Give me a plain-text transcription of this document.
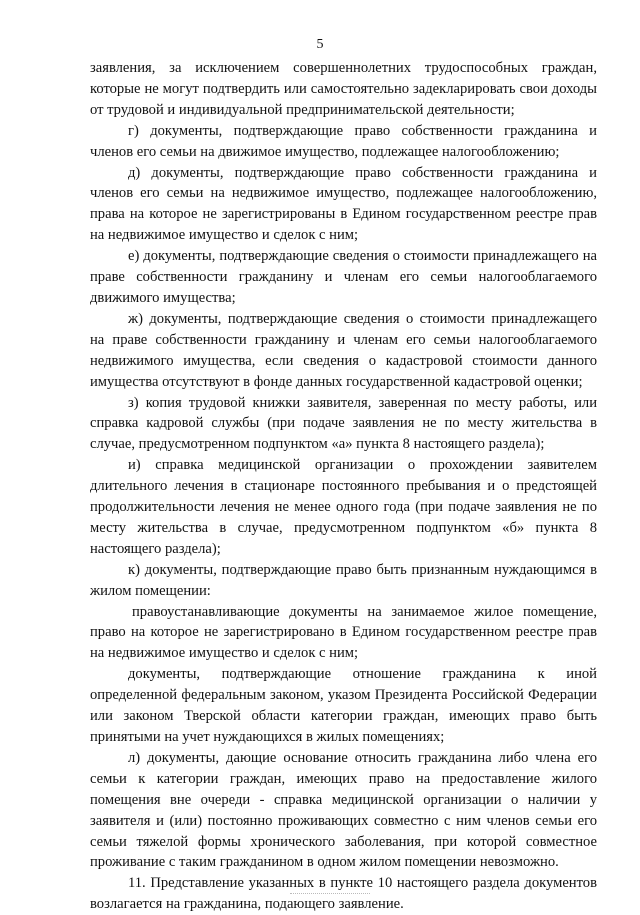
5

заявления, за исключением совершеннолетних трудоспособных граждан, которые не могут подтвердить или самостоятельно задекларировать свои доходы от трудовой и индивидуальной предпринимательской деятельности;

г) документы, подтверждающие право собственности гражданина и членов его семьи на движимое имущество, подлежащее налогообложению;

д) документы, подтверждающие право собственности гражданина и членов его семьи на недвижимое имущество, подлежащее налогообложению, права на которое не зарегистрированы в Едином государственном реестре прав на недвижимое имущество и сделок с ним;

е) документы, подтверждающие сведения о стоимости принадлежащего на праве собственности гражданину и членам его семьи налогооблагаемого движимого имущества;

ж) документы, подтверждающие сведения о стоимости принадлежащего на праве собственности гражданину и членам его семьи налогооблагаемого недвижимого имущества, если сведения о кадастровой стоимости данного имущества отсутствуют в фонде данных государственной кадастровой оценки;

з) копия трудовой книжки заявителя, заверенная по месту работы, или справка кадровой службы (при подаче заявления не по месту жительства в случае, предусмотренном подпунктом «а» пункта 8 настоящего раздела);

и) справка медицинской организации о прохождении заявителем длительного лечения в стационаре постоянного пребывания и о предстоящей продолжительности лечения не менее одного года (при подаче заявления не по месту жительства в случае, предусмотренном подпунктом «б» пункта 8 настоящего раздела);

к) документы, подтверждающие право быть признанным нуждающимся в жилом помещении:

правоустанавливающие документы на занимаемое жилое помещение, право на которое не зарегистрировано в Едином государственном реестре прав на недвижимое имущество и сделок с ним;

документы, подтверждающие отношение гражданина к иной определенной федеральным законом, указом Президента Российской Федерации или законом Тверской области категории граждан, имеющих право быть принятыми на учет нуждающихся в жилых помещениях;

л) документы, дающие основание относить гражданина либо члена его семьи к категории граждан, имеющих право на предоставление жилого помещения вне очереди - справка медицинской организации о наличии у заявителя и (или) постоянно проживающих совместно с ним членов семьи его семьи тяжелой формы хронического заболевания, при которой совместное проживание с таким гражданином в одном жилом помещении невозможно.

11. Представление указанных в пункте 10 настоящего раздела документов возлагается на гражданина, подающего заявление.
